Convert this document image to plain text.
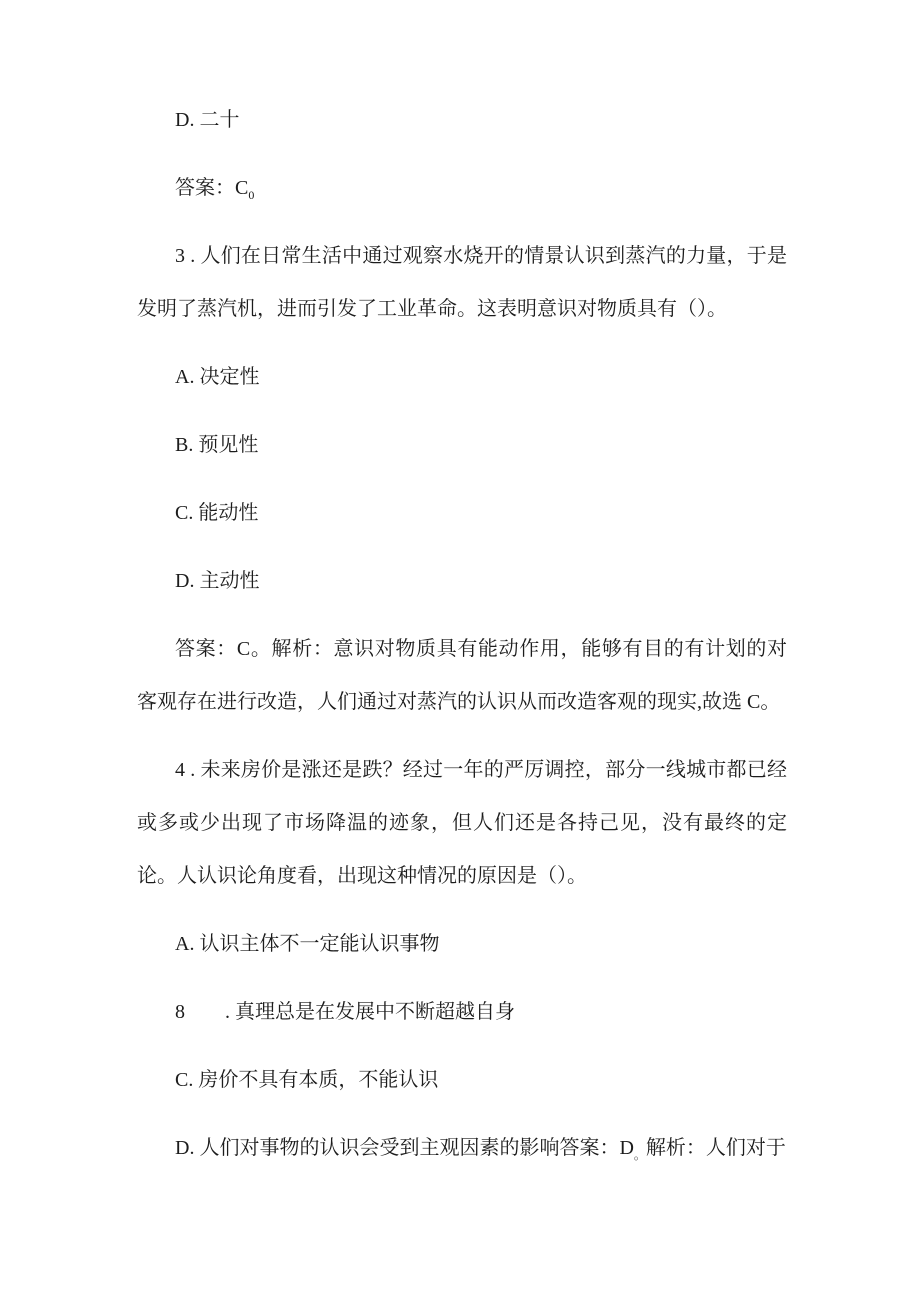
D. 二十

答案：$C_0$

3 . 人们在日常生活中通过观察水烧开的情景认识到蒸汽的力量，于是发明了蒸汽机，进而引发了工业革命。这表明意识对物质具有（）。

A. 决定性

B. 预见性

C. 能动性

D. 主动性

答案：C。解析：意识对物质具有能动作用，能够有目的有计划的对客观存在进行改造，人们通过对蒸汽的认识从而改造客观的现实,故选 C。

4 . 未来房价是涨还是跌？经过一年的严厉调控，部分一线城市都已经或多或少出现了市场降温的迹象，但人们还是各持己见，没有最终的定论。人认识论角度看，出现这种情况的原因是（）。

A. 认识主体不一定能认识事物

8        . 真理总是在发展中不断超越自身

C. 房价不具有本质，不能认识

D. 人们对事物的认识会受到主观因素的影响答案：$D_。$解析：人们对于
